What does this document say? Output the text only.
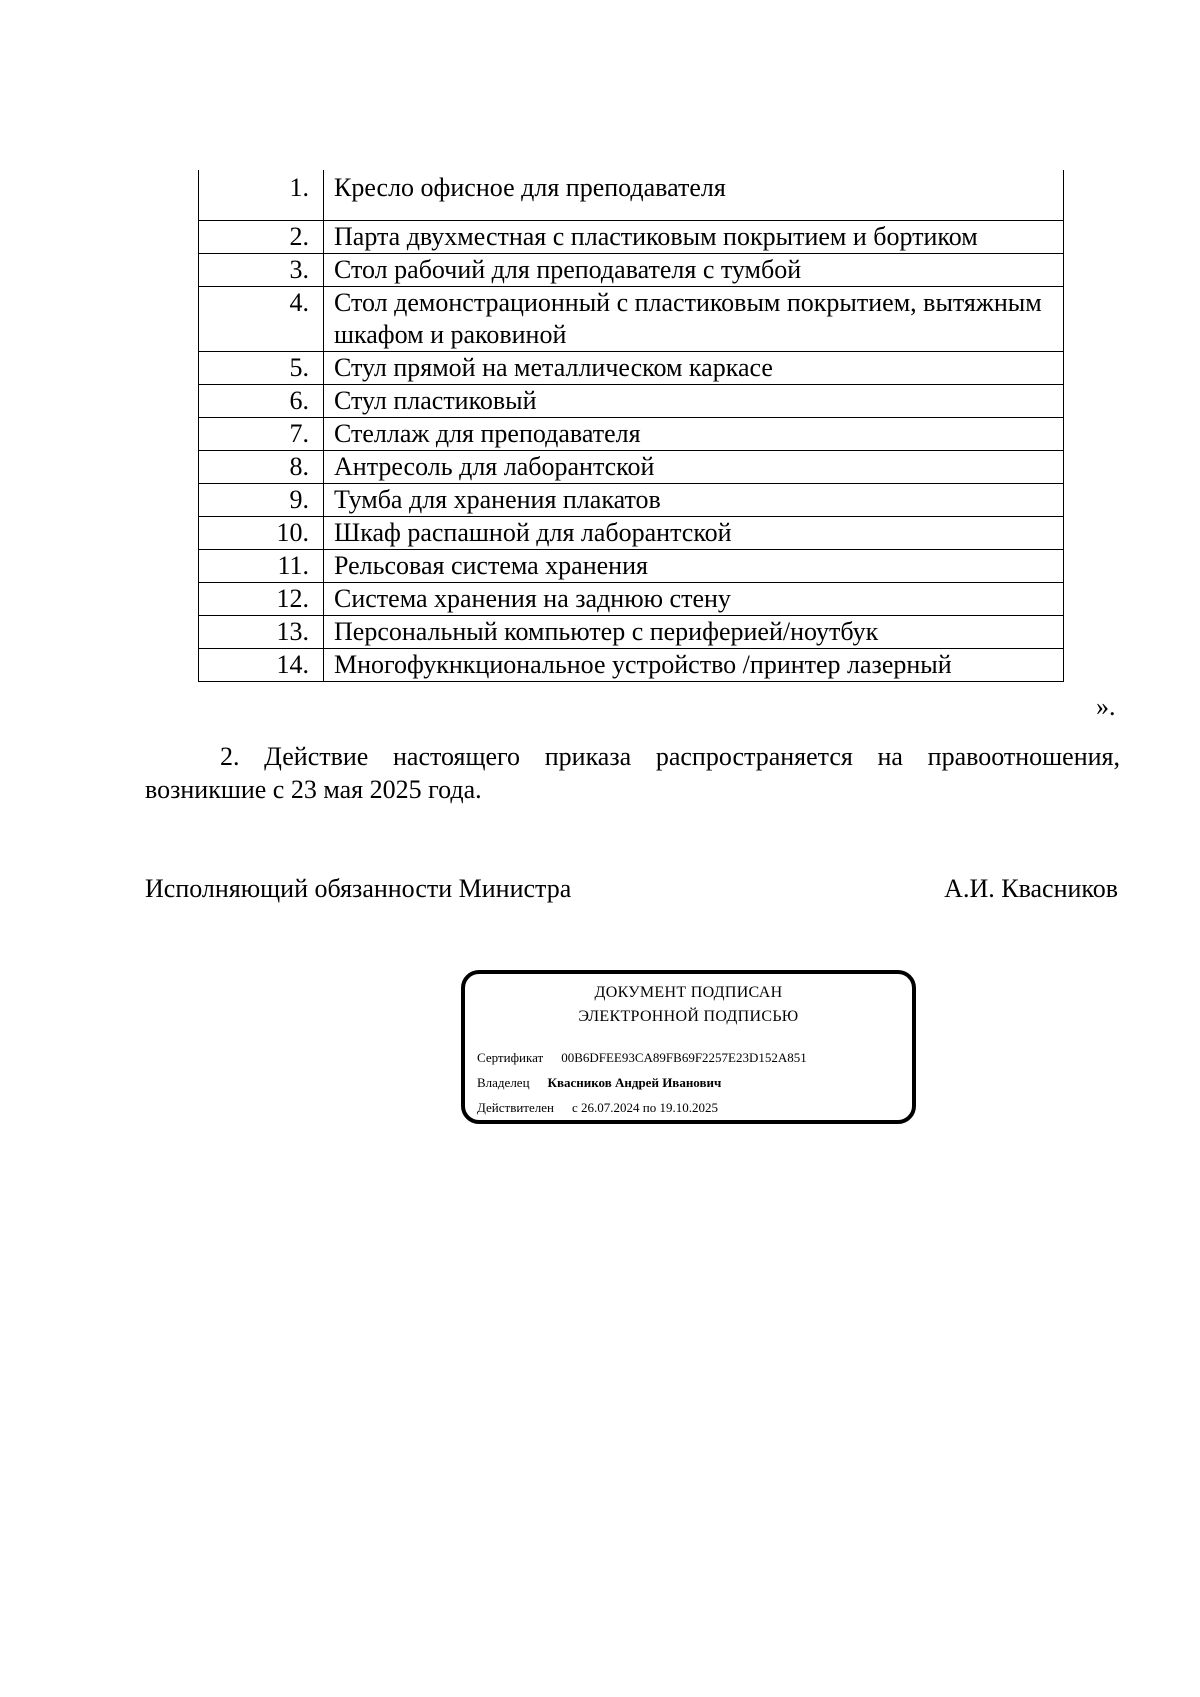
1.	Кресло офисное для преподавателя
2.	Парта двухместная с пластиковым покрытием и бортиком
3.	Стол рабочий для преподавателя с тумбой
4.	Стол демонстрационный с пластиковым покрытием, вытяжным шкафом и раковиной
5.	Стул прямой на металлическом каркасе
6.	Стул пластиковый
7.	Стеллаж для преподавателя
8.	Антресоль для лаборантской
9.	Тумба для хранения плакатов
10.	Шкаф распашной для лаборантской
11.	Рельсовая система хранения
12.	Система хранения на заднюю стену
13.	Персональный компьютер с периферией/ноутбук
14.	Многофукнкциональное устройство /принтер лазерный
».
2. Действие настоящего приказа распространяется на правоотношения, возникшие с 23 мая 2025 года.
Исполняющий обязанности Министра	А.И. Квасников
ДОКУМЕНТ ПОДПИСАН
ЭЛЕКТРОННОЙ ПОДПИСЬЮ
Сертификат 00B6DFEE93CA89FB69F2257E23D152A851
Владелец Квасников Андрей Иванович
Действителен с 26.07.2024 по 19.10.2025
